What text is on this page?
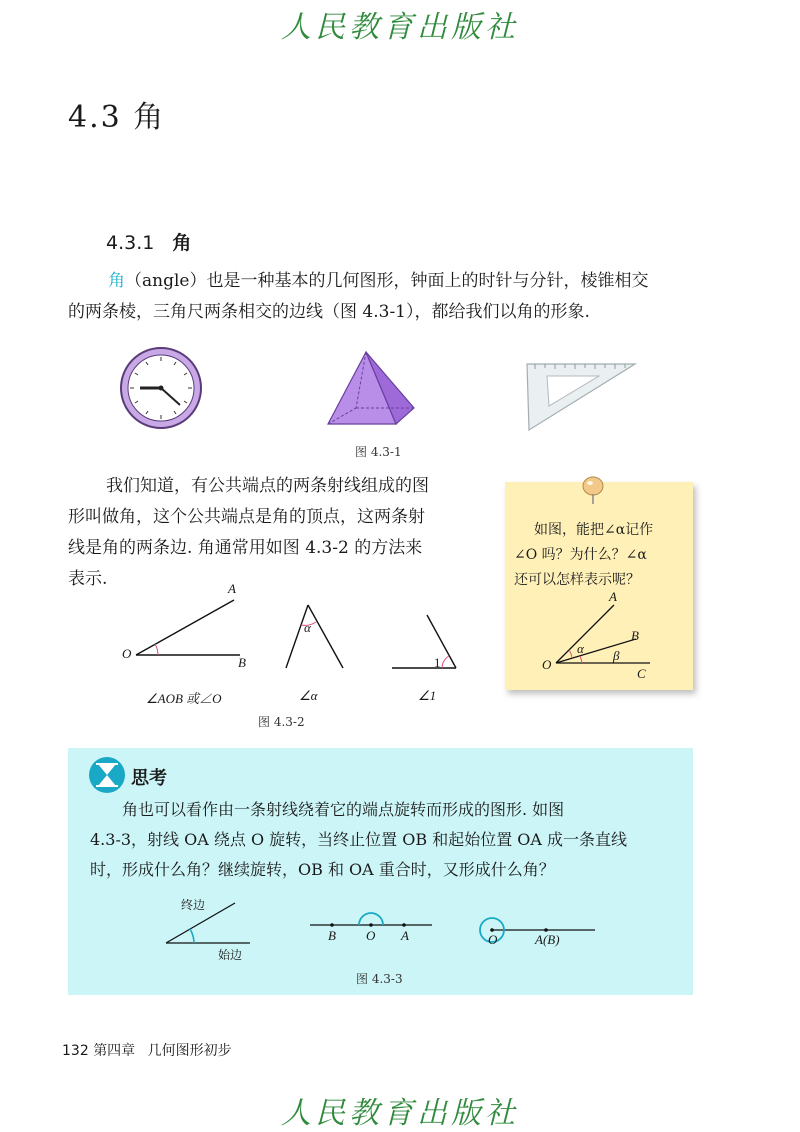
人民教育出版社
4.3 角
4.3.1 角
角（angle）也是一种基本的几何图形，钟面上的时针与分针，棱锥相交
的两条棱，三角尺两条相交的边线（图 4.3-1），都给我们以角的形象.
图 4.3-1
我们知道，有公共端点的两条射线组成的图
形叫做角，这个公共端点是角的顶点，这两条射
线是角的两条边. 角通常用如图 4.3-2 的方法来
表示.	A
O
B
α
1
∠AOB 或∠O	∠α	∠1
图 4.3-2
如图，能把∠α记作
∠O 吗？为什么？∠α
还可以怎样表示呢？
A
B
C
O
α β
思考
角也可以看作由一条射线绕着它的端点旋转而形成的图形. 如图
4.3-3，射线 OA 绕点 O 旋转，当终止位置 OB 和起始位置 OA 成一条直线
时，形成什么角？继续旋转，OB 和 OA 重合时，又形成什么角？
终边
始边
B O A	O	A(B)
图 4.3-3
132 第四章 几何图形初步
人民教育出版社
